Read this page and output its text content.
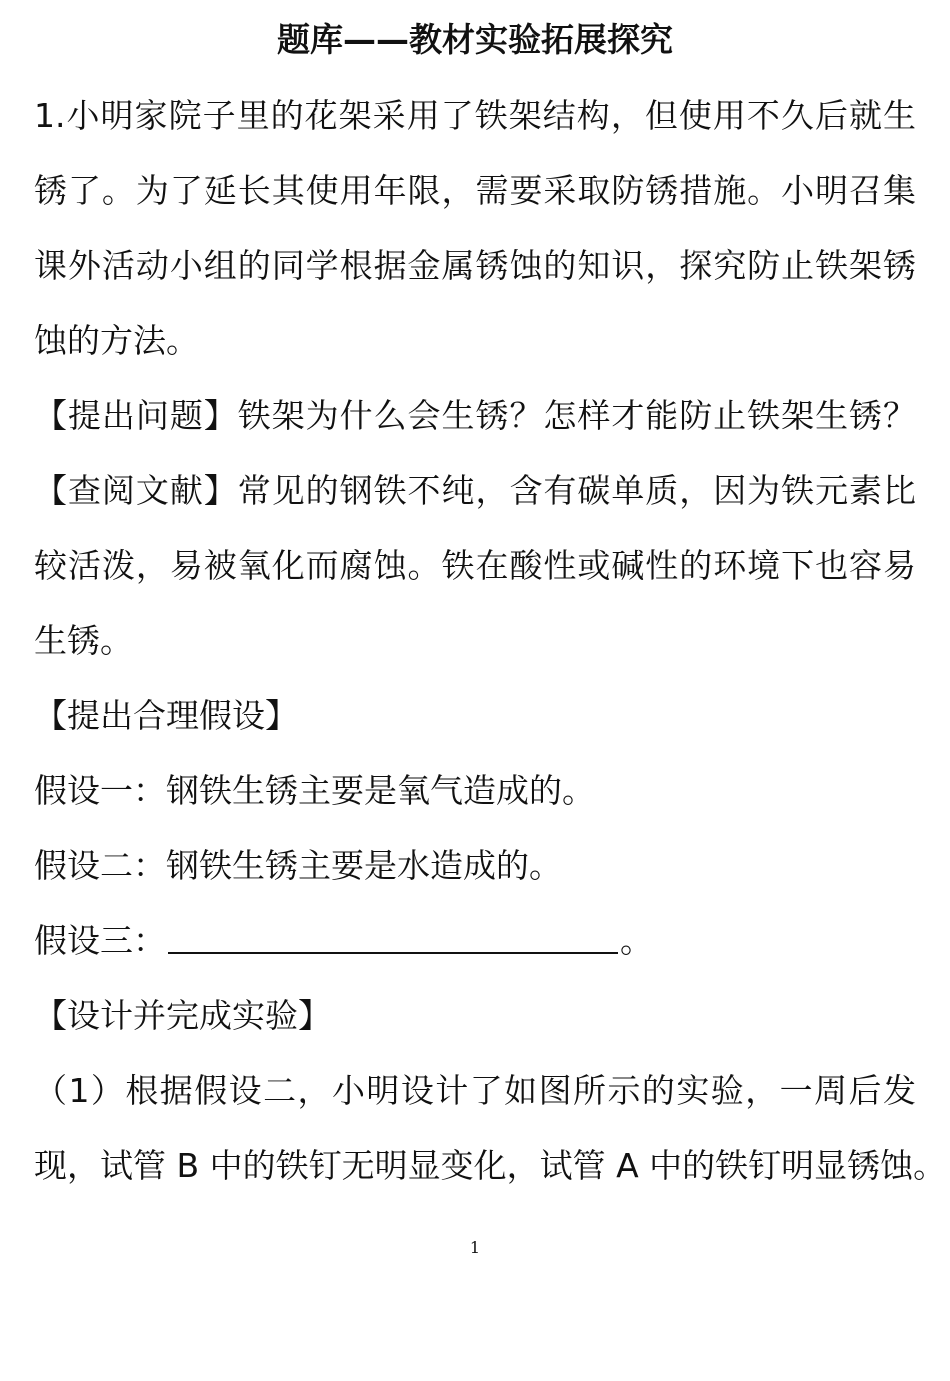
题库——教材实验拓展探究
1.小明家院子里的花架采用了铁架结构，但使用不久后就生
锈了。为了延长其使用年限，需要采取防锈措施。小明召集
课外活动小组的同学根据金属锈蚀的知识，探究防止铁架锈
蚀的方法。
【提出问题】铁架为什么会生锈？怎样才能防止铁架生锈？
【查阅文献】常见的钢铁不纯，含有碳单质，因为铁元素比
较活泼，易被氧化而腐蚀。铁在酸性或碱性的环境下也容易
生锈。
【提出合理假设】
假设一：钢铁生锈主要是氧气造成的。
假设二：钢铁生锈主要是水造成的。
假设三：	。
【设计并完成实验】
（1）根据假设二，小明设计了如图所示的实验，一周后发
现，试管 B 中的铁钉无明显变化，试管 A 中的铁钉明显锈蚀。
1
